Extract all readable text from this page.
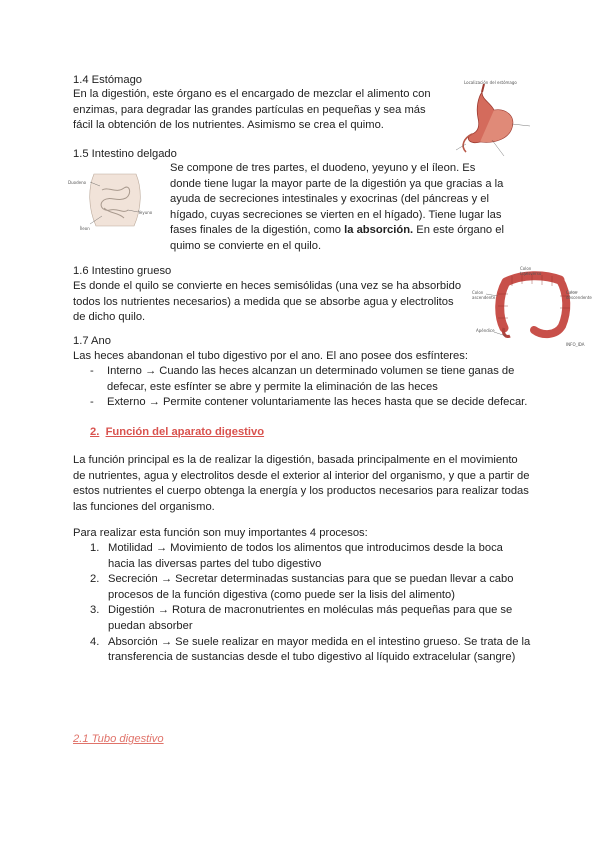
1.4 Estómago

En la digestión, este órgano es el encargado de mezclar el alimento con enzimas, para degradar las grandes partículas en pequeñas y sea más fácil la obtención de los nutrientes. Asimismo se crea el quimo.

Localización del estómago
1.5 Intestino delgado

Se compone de tres partes, el duodeno, yeyuno y el íleon. Es donde tiene lugar la mayor parte de la digestión ya que gracias a la ayuda de secreciones intestinales y exocrinas (del páncreas y el hígado, cuyas secreciones se vierten en el hígado). Tiene lugar las fases finales de la digestión, como la absorción. En este órgano el quimo se convierte en el quilo.

Duodeno
Yeyuno
Íleon
1.6 Intestino grueso

Es donde el quilo se convierte en heces semisólidas (una vez se ha absorbido todos los nutrientes necesarios) a medida que se absorbe agua y electrolitos de dicho quilo.

Colon transverso
Colon ascendente
Colon descendente
Apéndice
INFO_IDA
1.7 Ano

Las heces abandonan el tubo digestivo por el ano. El ano posee dos esfínteres:

- Interno → Cuando las heces alcanzan un determinado volumen se tiene ganas de defecar, este esfínter se abre y permite la eliminación de las heces
- Externo → Permite contener voluntariamente las heces hasta que se decide defecar.
2. Función del aparato digestivo

La función principal es la de realizar la digestión, basada principalmente en el movimiento de nutrientes, agua y electrolitos desde el exterior al interior del organismo, y que a partir de estos nutrientes el cuerpo obtenga la energía y los productos necesarios para realizar todas las funciones del organismo.

Para realizar esta función son muy importantes 4 procesos:

1. Motilidad → Movimiento de todos los alimentos que introducimos desde la boca hacia las diversas partes del tubo digestivo
2. Secreción → Secretar determinadas sustancias para que se puedan llevar a cabo procesos de la función digestiva (como puede ser la lisis del alimento)
3. Digestión → Rotura de macronutrientes en moléculas más pequeñas para que se puedan absorber
4. Absorción → Se suele realizar en mayor medida en el intestino grueso. Se trata de la transferencia de sustancias desde el tubo digestivo al líquido extracelular (sangre)
2.1 Tubo digestivo
